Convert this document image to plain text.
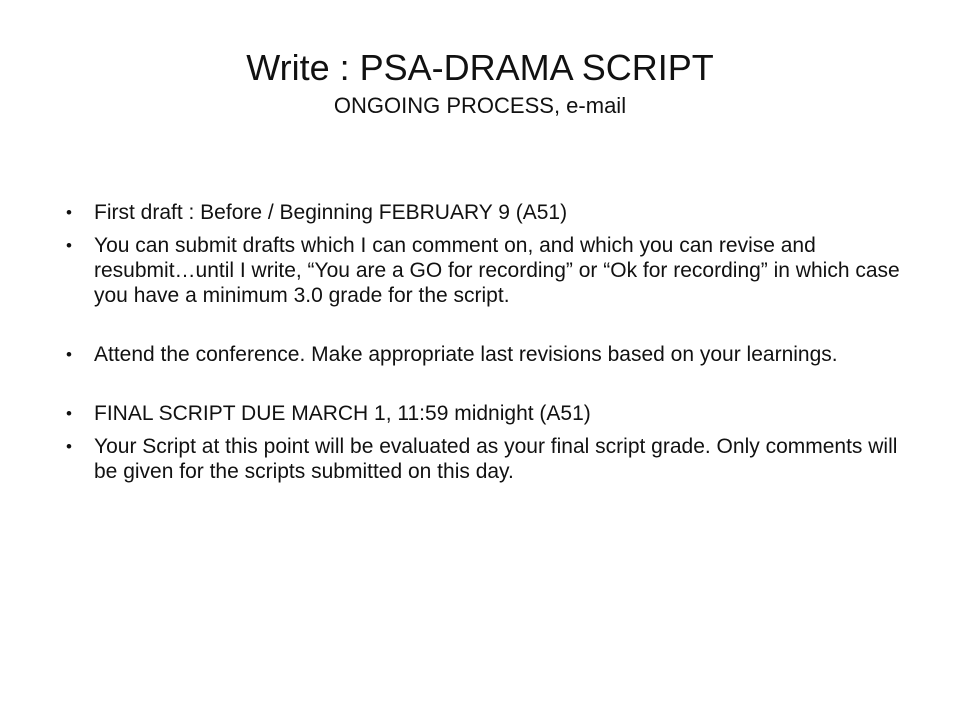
Write : PSA-DRAMA SCRIPT
ONGOING PROCESS, e-mail
• First draft : Before / Beginning FEBRUARY 9 (A51)
• You can submit drafts which I can comment on, and which you can revise and resubmit…until I write, “You are a GO for recording” or “Ok for recording” in which case you have a minimum 3.0 grade for the script.
• Attend the conference. Make appropriate last revisions based on your learnings.
• FINAL SCRIPT DUE MARCH 1, 11:59 midnight (A51)
• Your Script at this point will be evaluated as your final script grade. Only comments will be given for the scripts submitted on this day.
